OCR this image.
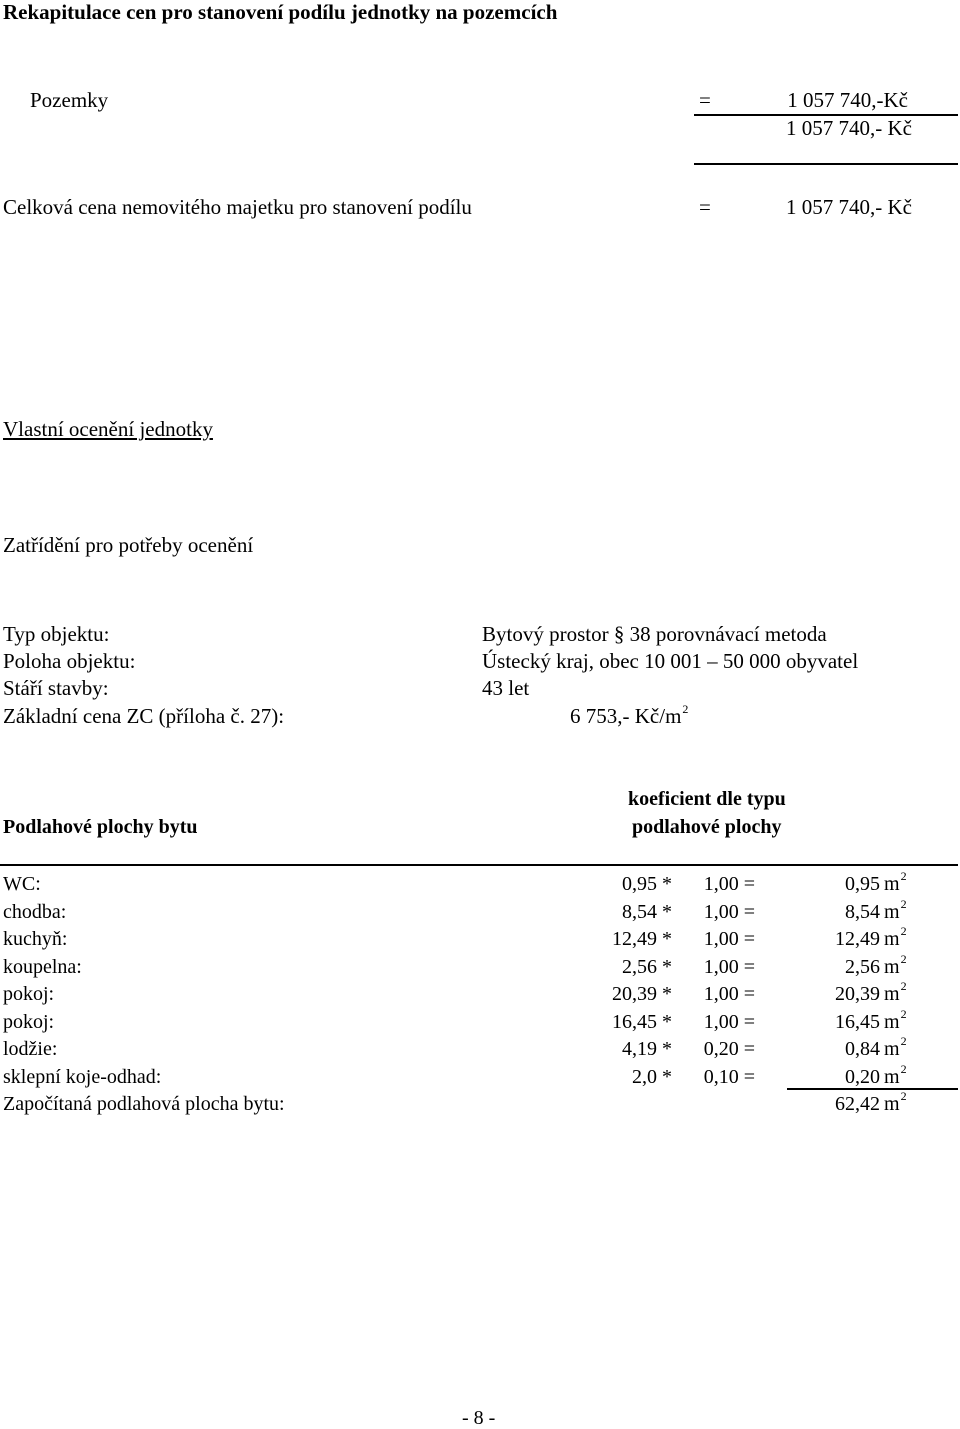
Rekapitulace cen pro stanovení podílu jednotky na pozemcích
Pozemky	=	1 057 740,-Kč
1 057 740,- Kč
Celková cena nemovitého majetku pro stanovení podílu	=	1 057 740,- Kč
Vlastní ocenění jednotky
Zatřídění pro potřeby ocenění
Typ objektu:	Bytový prostor § 38 porovnávací metoda
Poloha objektu:	Ústecký kraj, obec 10 001 – 50 000 obyvatel
Stáří stavby:	43 let
Základní cena ZC (příloha č. 27):	6 753,- $Kč/m^2$
koeficient dle typu
Podlahové plochy bytu	podlahové plochy
WC:	0,95 *	1,00 =	0,95 $m^2$
chodba:	8,54 *	1,00 =	8,54 $m^2$
kuchyň:	12,49 *	1,00 =	12,49 $m^2$
koupelna:	2,56 *	1,00 =	2,56 $m^2$
pokoj:	20,39 *	1,00 =	20,39 $m^2$
pokoj:	16,45 *	1,00 =	16,45 $m^2$
lodžie:	4,19 *	0,20 =	0,84 $m^2$
sklepní koje-odhad:	2,0 *	0,10 =	0,20 $m^2$
Započítaná podlahová plocha bytu:	62,42 $m^2$
- 8 -
